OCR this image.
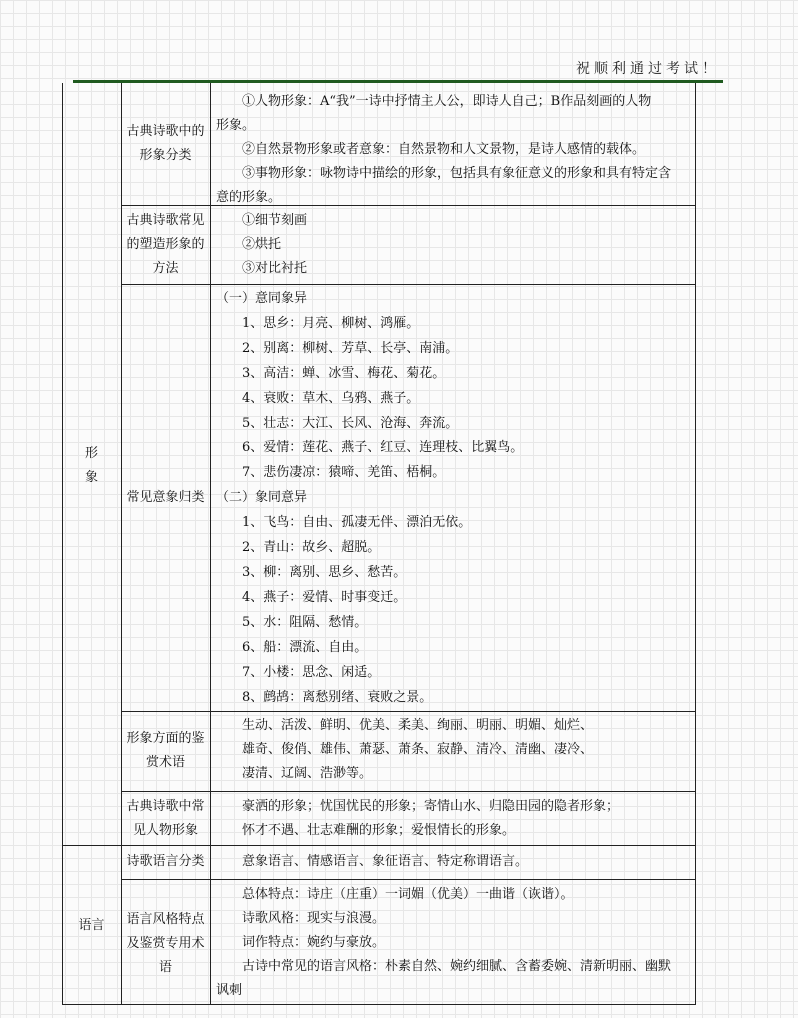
祝顺利通过考试！
形
象
古典诗歌中的
形象分类
　　①人物形象：A“我”一诗中抒情主人公，即诗人自己；B作品刻画的人物
形象。
　　②自然景物形象或者意象：自然景物和人文景物，是诗人感情的载体。
　　③事物形象：咏物诗中描绘的形象，包括具有象征意义的形象和具有特定含
意的形象。
古典诗歌常见
的塑造形象的
方法
　　①细节刻画
　　②烘托
　　③对比衬托
常见意象归类
（一）意同象异
　　1、思乡：月亮、柳树、鸿雁。
　　2、别离：柳树、芳草、长亭、南浦。
　　3、高洁：蝉、冰雪、梅花、菊花。
　　4、衰败：草木、乌鸦、燕子。
　　5、壮志：大江、长风、沧海、奔流。
　　6、爱情：莲花、燕子、红豆、连理枝、比翼鸟。
　　7、悲伤凄凉：猿啼、羌笛、梧桐。
（二）象同意异
　　1、飞鸟：自由、孤凄无伴、漂泊无依。
　　2、青山：故乡、超脱。
　　3、柳：离别、思乡、愁苦。
　　4、燕子：爱情、时事变迁。
　　5、水：阻隔、愁情。
　　6、船：漂流、自由。
　　7、小楼：思念、闲适。
　　8、鹧鸪：离愁别绪、衰败之景。
形象方面的鉴
赏术语
　　生动、活泼、鲜明、优美、柔美、绚丽、明丽、明媚、灿烂、
　　雄奇、俊俏、雄伟、萧瑟、萧条、寂静、清冷、清幽、凄冷、
　　凄清、辽阔、浩渺等。
古典诗歌中常
见人物形象
　　豪洒的形象；忧国忧民的形象；寄情山水、归隐田园的隐者形象；
　　怀才不遇、壮志难酬的形象；爱恨情长的形象。
语言
诗歌语言分类 　　意象语言、情感语言、象征语言、特定称谓语言。
语言风格特点
及鉴赏专用术
语
　　总体特点：诗庄（庄重）一词媚（优美）一曲谐（诙谐）。
　　诗歌风格：现实与浪漫。
　　词作特点：婉约与豪放。
　　古诗中常见的语言风格：朴素自然、婉约细腻、含蓄委婉、清新明丽、幽默
讽刺
